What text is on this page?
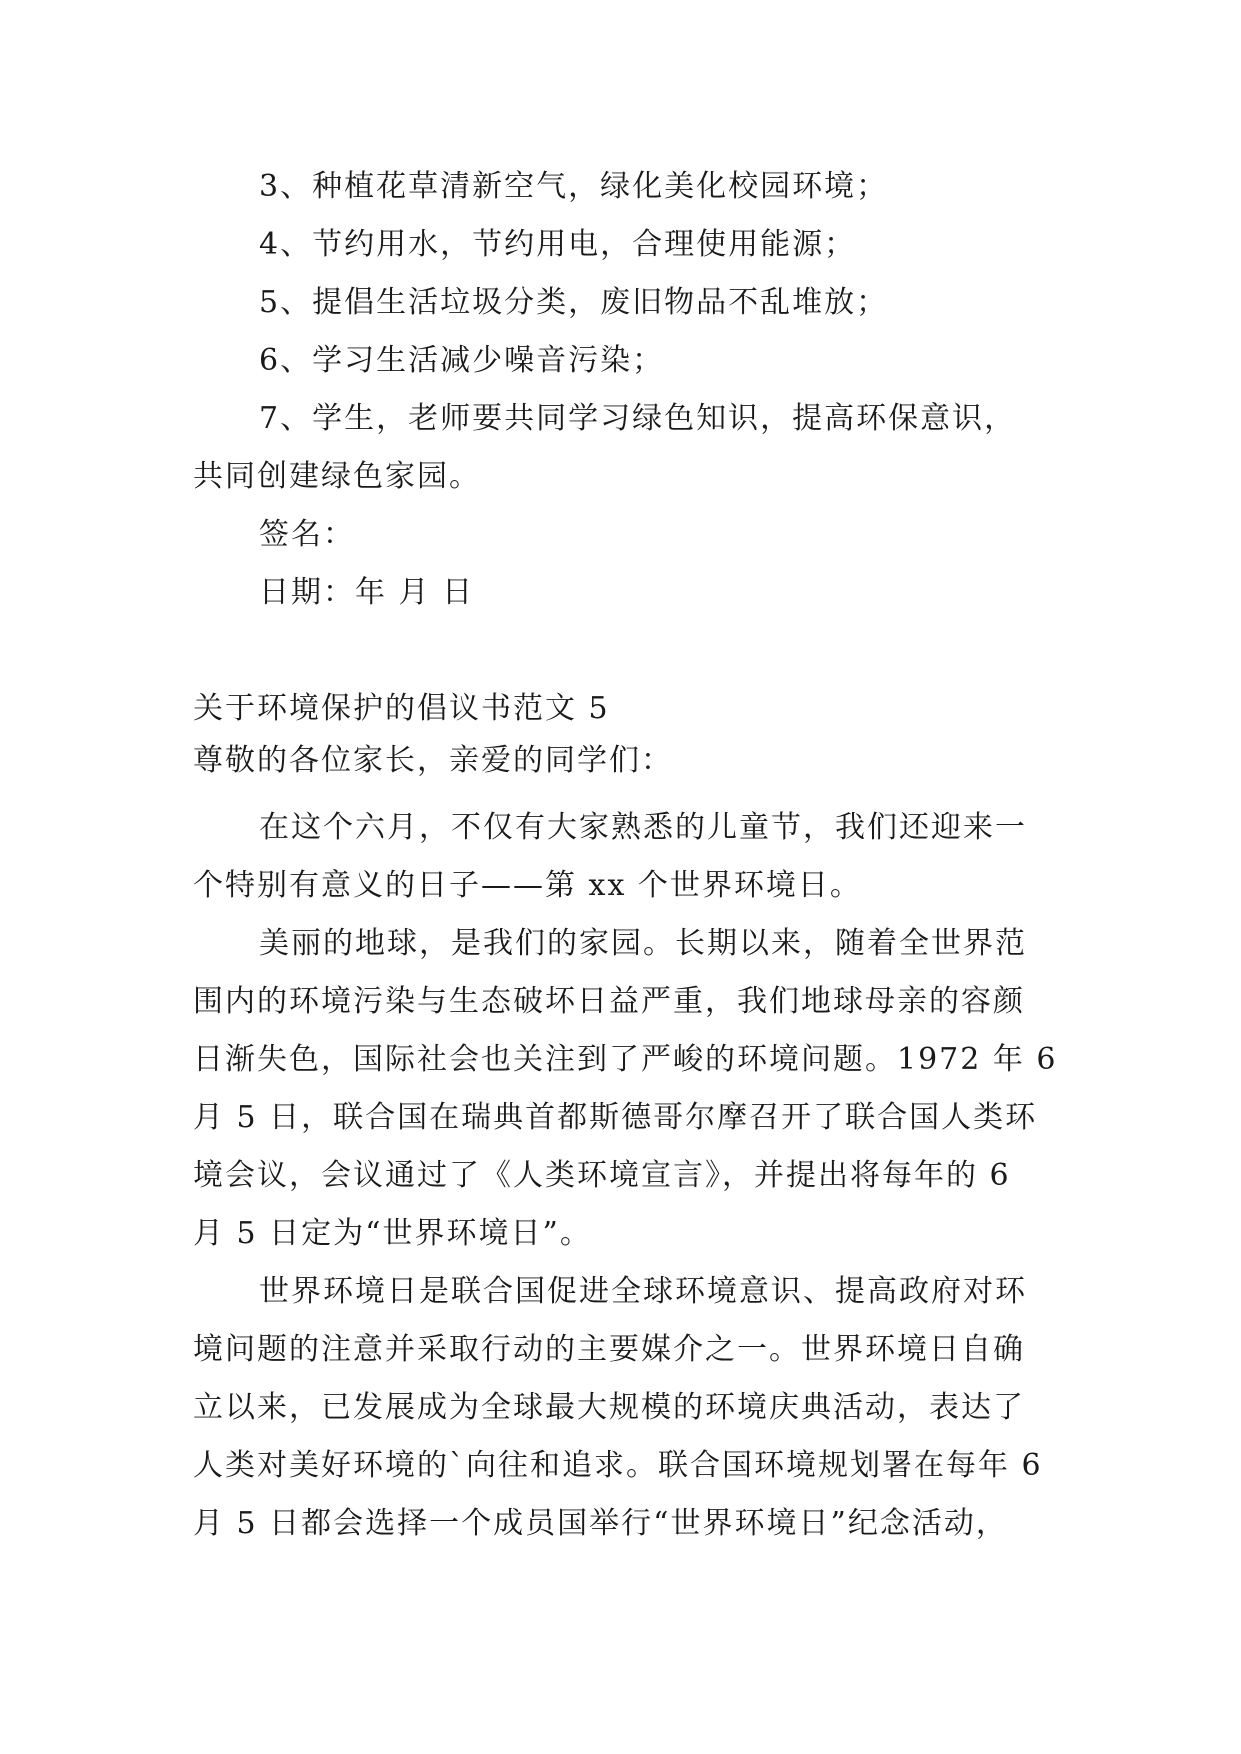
3、种植花草清新空气，绿化美化校园环境；
4、节约用水，节约用电，合理使用能源；
5、提倡生活垃圾分类，废旧物品不乱堆放；
6、学习生活减少噪音污染；
7、学生，老师要共同学习绿色知识，提高环保意识，
共同创建绿色家园。
签名：
日期：年 月 日
关于环境保护的倡议书范文 5
尊敬的各位家长，亲爱的同学们：
在这个六月，不仅有大家熟悉的儿童节，我们还迎来一
个特别有意义的日子——第 xx 个世界环境日。
美丽的地球，是我们的家园。长期以来，随着全世界范
围内的环境污染与生态破坏日益严重，我们地球母亲的容颜
日渐失色，国际社会也关注到了严峻的环境问题。1972 年 6
月 5 日，联合国在瑞典首都斯德哥尔摩召开了联合国人类环
境会议，会议通过了《人类环境宣言》，并提出将每年的 6
月 5 日定为“世界环境日”。
世界环境日是联合国促进全球环境意识、提高政府对环
境问题的注意并采取行动的主要媒介之一。世界环境日自确
立以来，已发展成为全球最大规模的环境庆典活动，表达了
人类对美好环境的`向往和追求。联合国环境规划署在每年 6
月 5 日都会选择一个成员国举行“世界环境日”纪念活动，
